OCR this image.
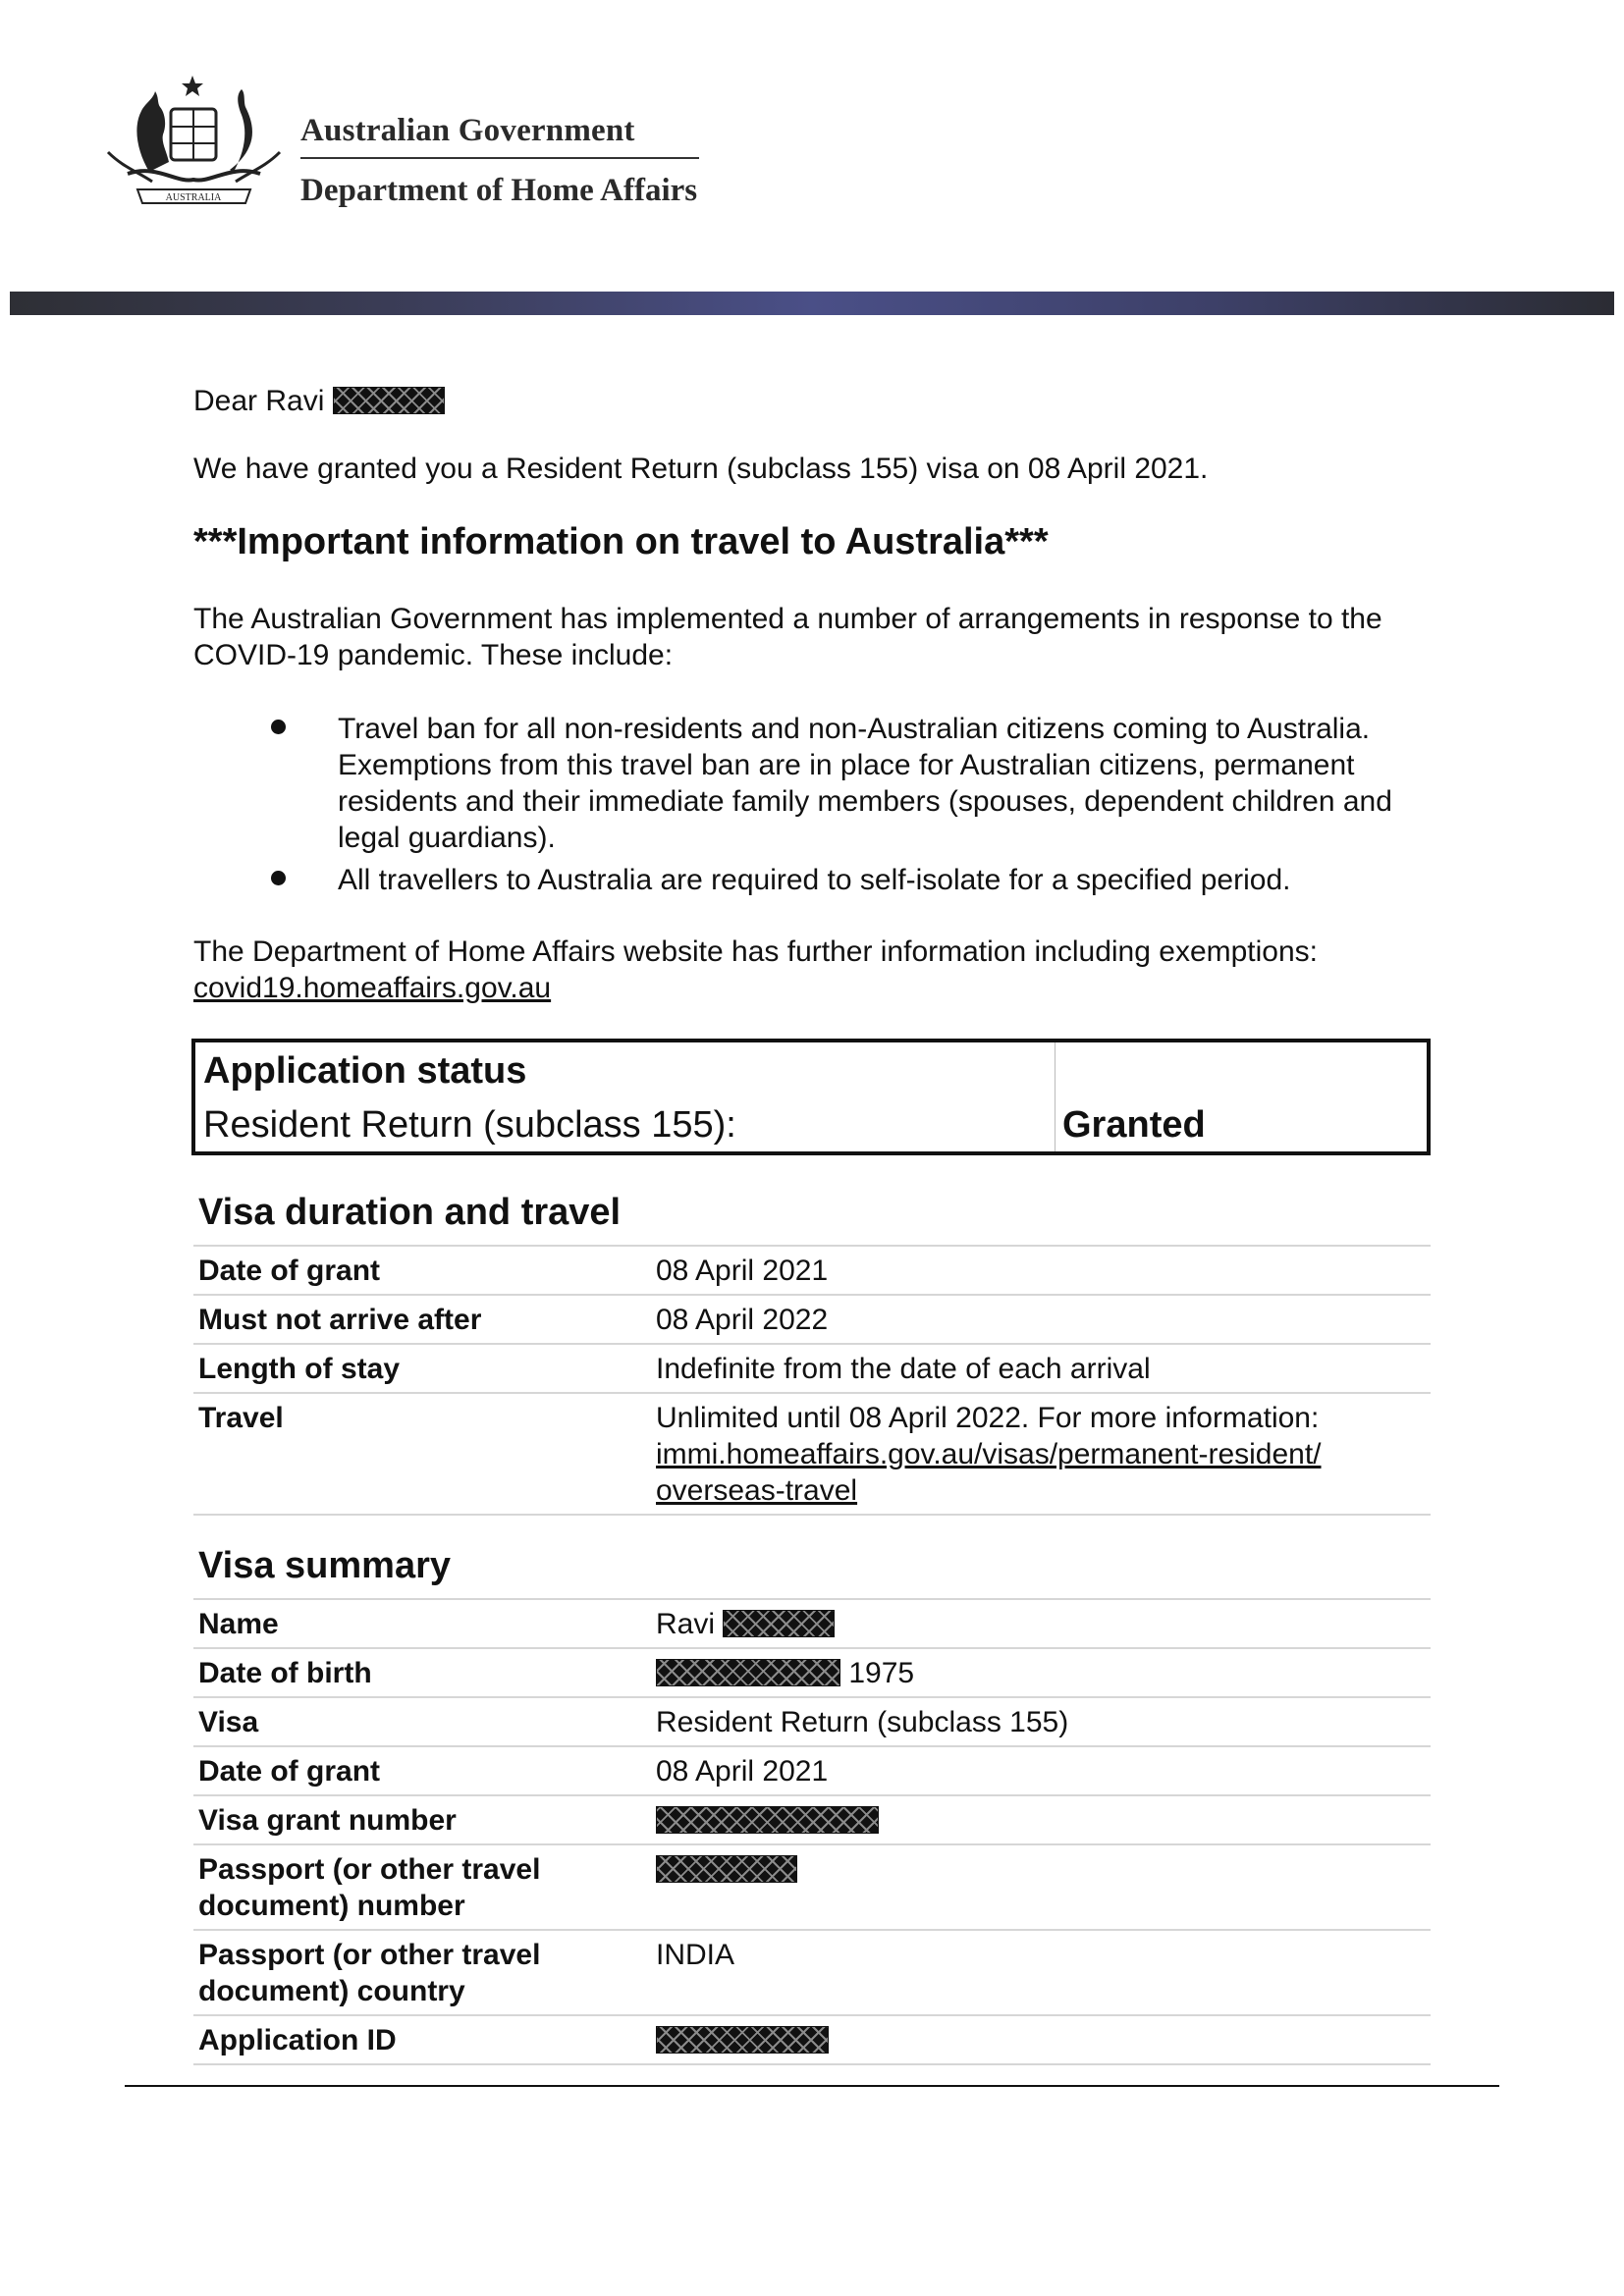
AUSTRALIA
Australian Government
Department of Home Affairs

Dear Ravi

We have granted you a Resident Return (subclass 155) visa on 08 April 2021.

***Important information on travel to Australia***

The Australian Government has implemented a number of arrangements in response to the COVID-19 pandemic. These include:

Travel ban for all non-residents and non-Australian citizens coming to Australia. Exemptions from this travel ban are in place for Australian citizens, permanent residents and their immediate family members (spouses, dependent children and legal guardians).
All travellers to Australia are required to self-isolate for a specified period.

The Department of Home Affairs website has further information including exemptions:

covid19.homeaffairs.gov.au

Application status
Resident Return (subclass 155):	Granted
Visa duration and travel
Date of grant	08 April 2021
Must not arrive after	08 April 2022
Length of stay	Indefinite from the date of each arrival
Travel	Unlimited until 08 April 2022. For more information:
immi.homeaffairs.gov.au/visas/permanent-resident/ overseas-travel
Visa summary
Name	Ravi
Date of birth	1975
Visa	Resident Return (subclass 155)
Date of grant	08 April 2021
Visa grant number	
Passport (or other travel document) number	
Passport (or other travel document) country	INDIA
Application ID	
